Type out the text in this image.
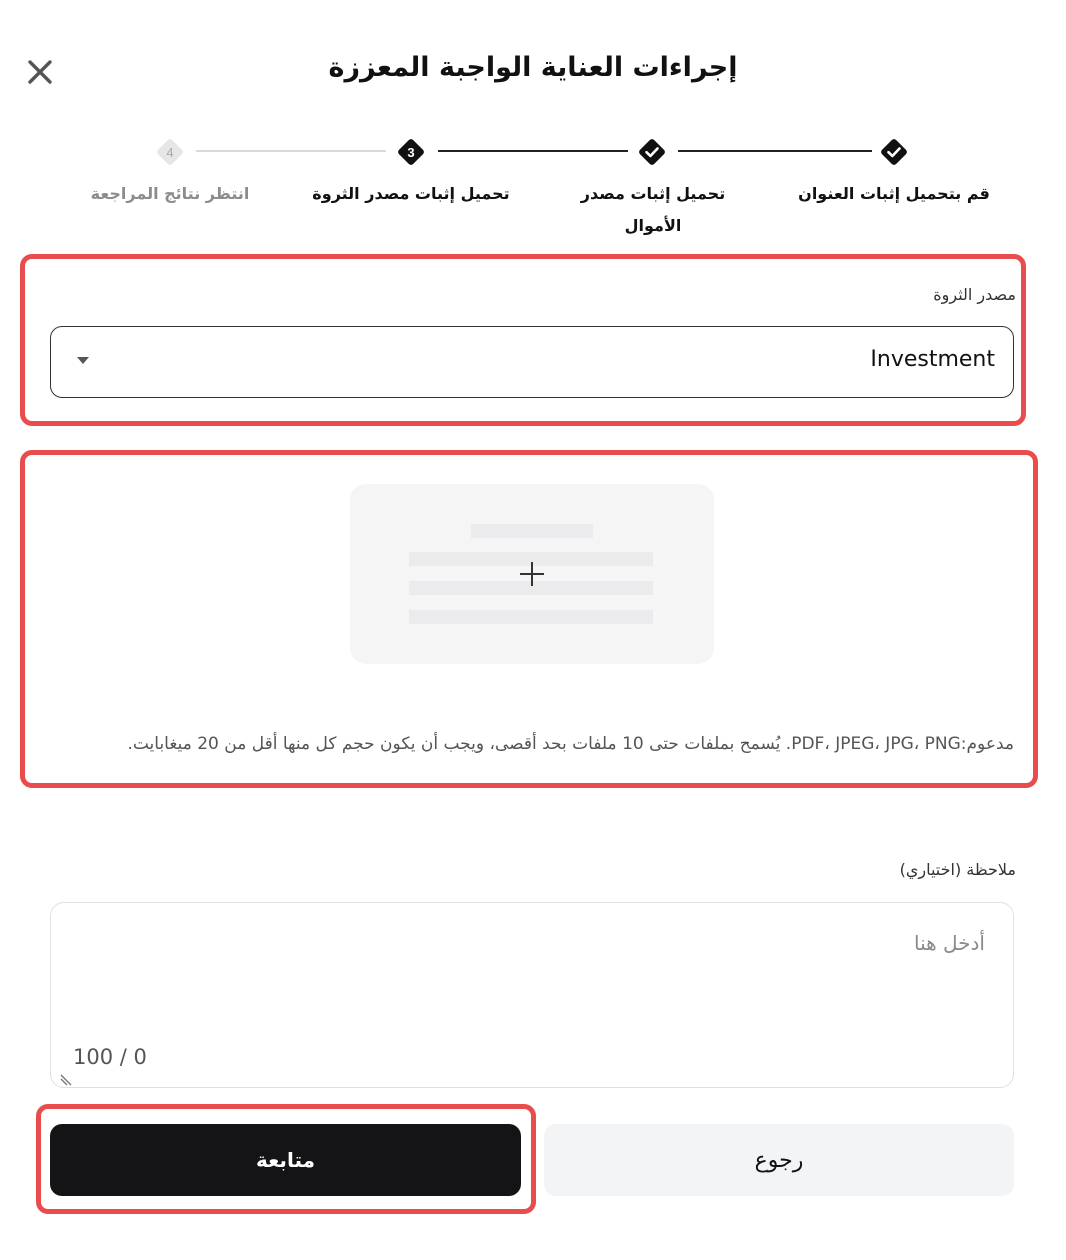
إجراءات العناية الواجبة المعززة
3
4
قم بتحميل إثبات العنوان
تحميل إثبات مصدر الأموال
تحميل إثبات مصدر الثروة
انتظر نتائج المراجعة
مصدر الثروة
Investment
مدعوم:PDF، JPEG، JPG، PNG. يُسمح بملفات حتى 10 ملفات بحد أقصى، ويجب أن يكون حجم كل منها أقل من 20 ميغابايت.
ملاحظة (اختياري)
أدخل هنا
100 / 0
متابعة	رجوع
